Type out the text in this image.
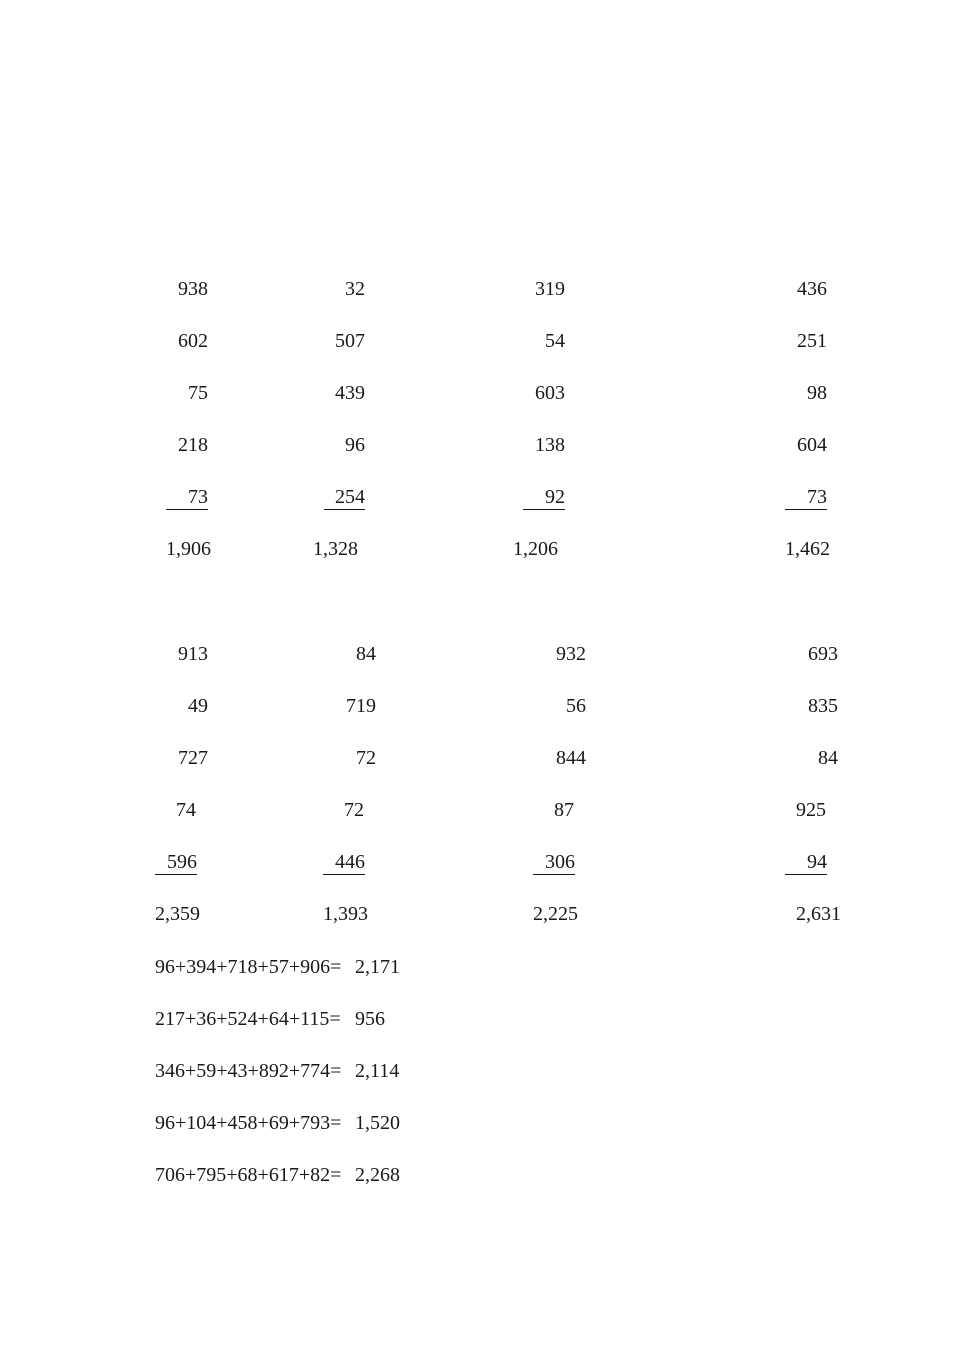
938
602
75
218
73
1,906
32
507
439
96
254
1,328
319
54
603
138
92
1,206
436
251
98
604
73
1,462
913
49
727
74
596
2,359
84
719
72
72
446
1,393
932
56
844
87
306
2,225
693
835
84
925
94
2,631
96+394+718+57+906= 2,171
217+36+524+64+115= 956
346+59+43+892+774= 2,114
96+104+458+69+793= 1,520
706+795+68+617+82= 2,268
